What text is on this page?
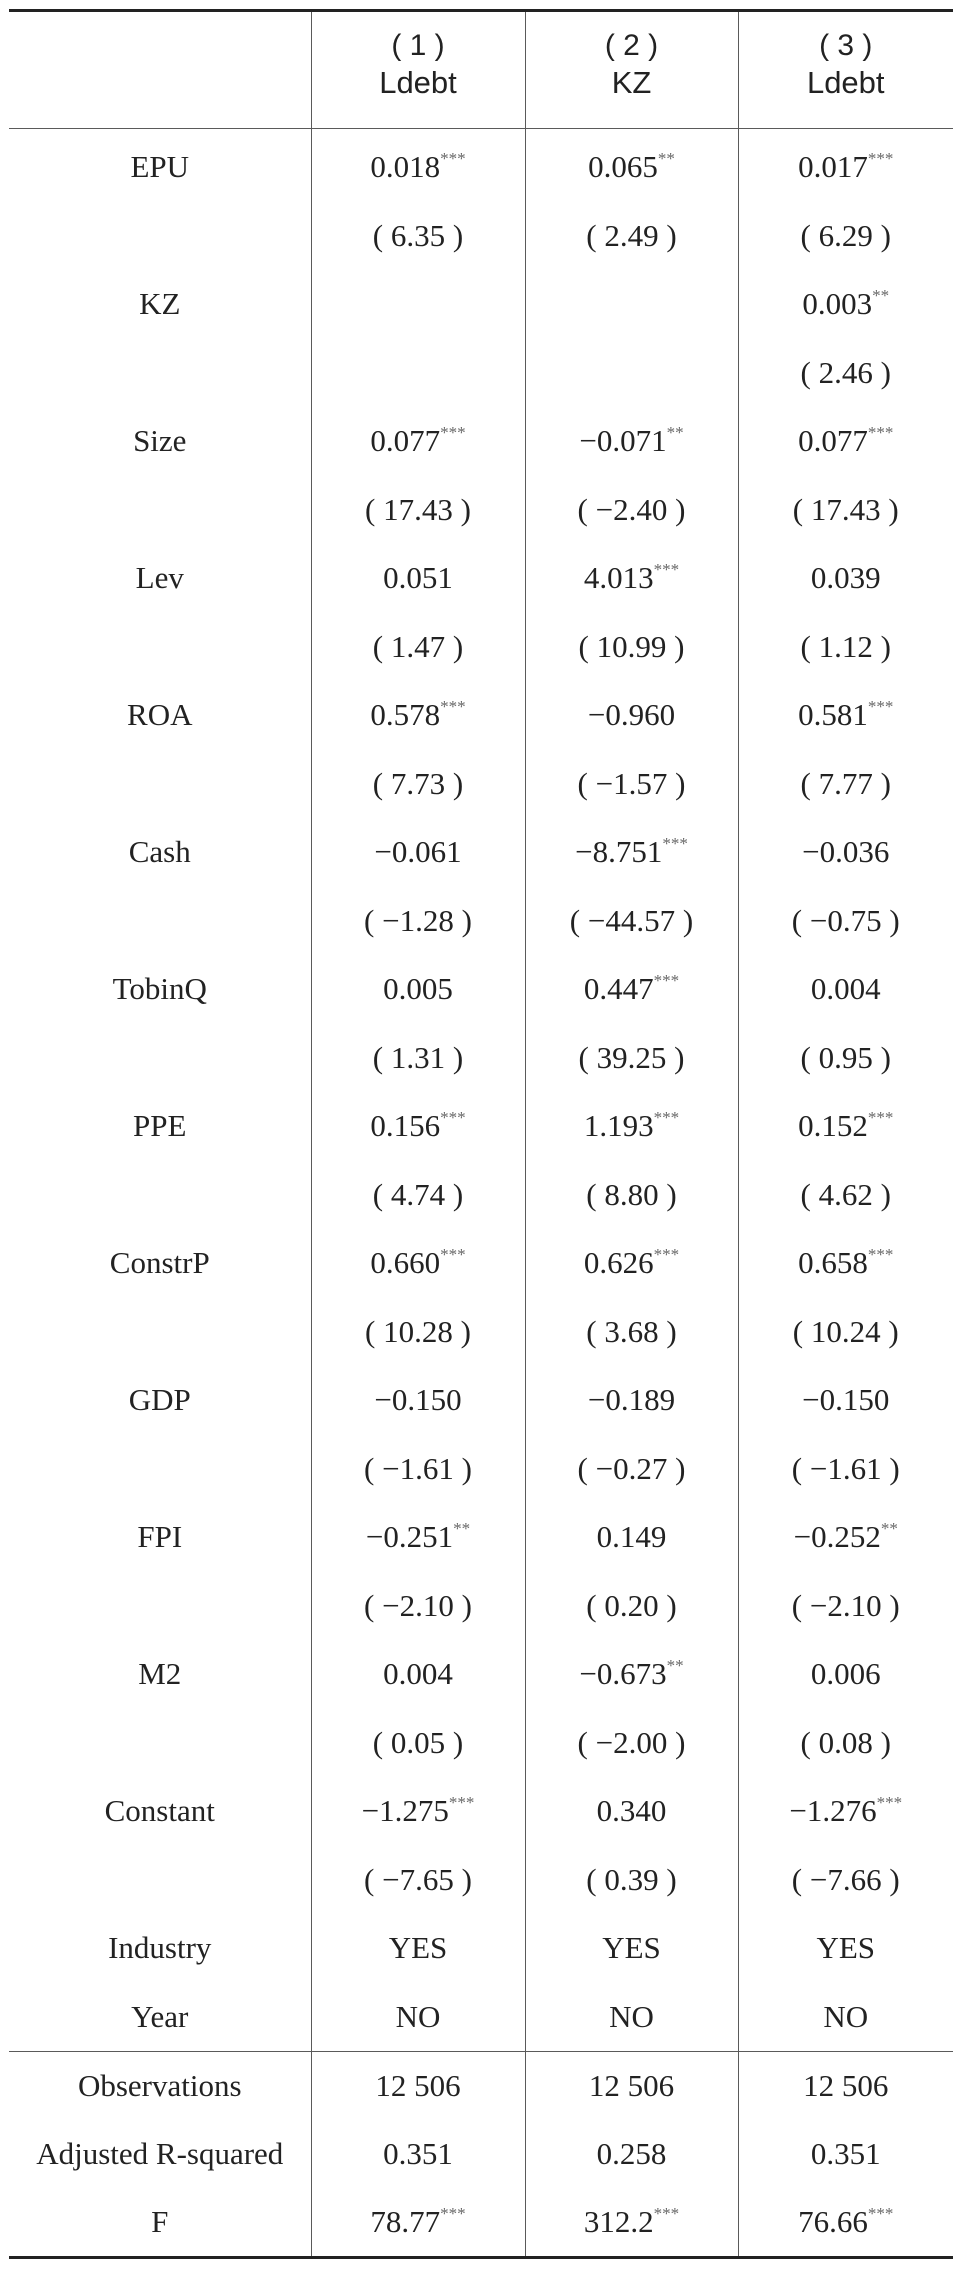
	( 1 )	( 2 )	( 3 )
	Ldebt	KZ	Ldebt
EPU	0.018***	0.065**	0.017***
	( 6.35 )	( 2.49 )	( 6.29 )
KZ			0.003**
			( 2.46 )
Size	0.077***	−0.071**	0.077***
	( 17.43 )	( −2.40 )	( 17.43 )
Lev	0.051	4.013***	0.039
	( 1.47 )	( 10.99 )	( 1.12 )
ROA	0.578***	−0.960	0.581***
	( 7.73 )	( −1.57 )	( 7.77 )
Cash	−0.061	−8.751***	−0.036
	( −1.28 )	( −44.57 )	( −0.75 )
TobinQ	0.005	0.447***	0.004
	( 1.31 )	( 39.25 )	( 0.95 )
PPE	0.156***	1.193***	0.152***
	( 4.74 )	( 8.80 )	( 4.62 )
ConstrP	0.660***	0.626***	0.658***
	( 10.28 )	( 3.68 )	( 10.24 )
GDP	−0.150	−0.189	−0.150
	( −1.61 )	( −0.27 )	( −1.61 )
FPI	−0.251**	0.149	−0.252**
	( −2.10 )	( 0.20 )	( −2.10 )
M2	0.004	−0.673**	0.006
	( 0.05 )	( −2.00 )	( 0.08 )
Constant	−1.275***	0.340	−1.276***
	( −7.65 )	( 0.39 )	( −7.66 )
Industry	YES	YES	YES
Year	NO	NO	NO
Observations	12 506	12 506	12 506
Adjusted R-squared	0.351	0.258	0.351
F	78.77***	312.2***	76.66***
